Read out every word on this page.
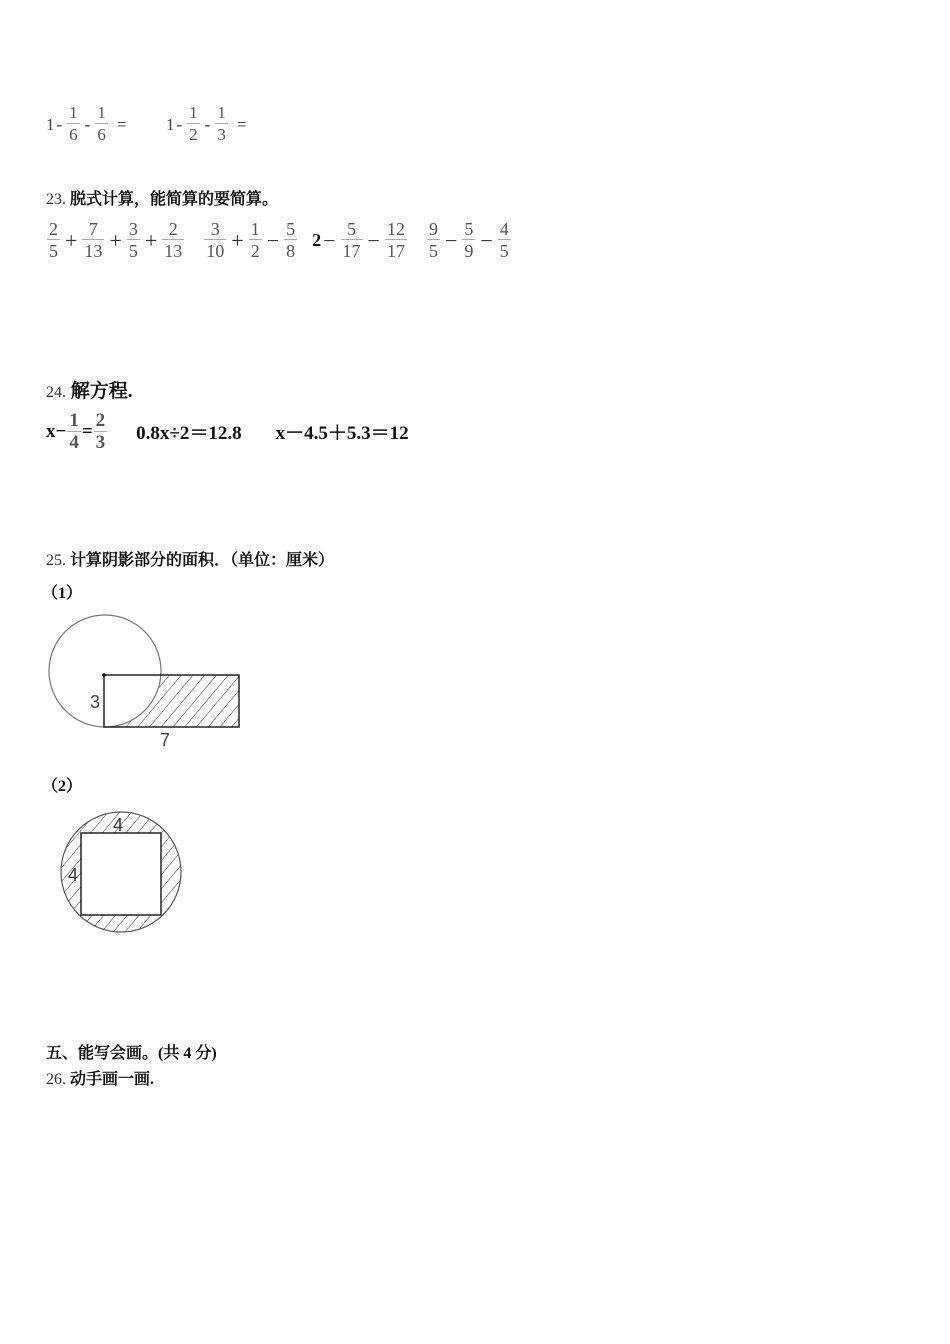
$1 - \frac{1}{6} - \frac{1}{6} = 1 - \frac{1}{2} - \frac{1}{3}$ =
23. 脱式计算，能简算的要简算。
$\frac{2}{5} + \frac{7}{13} + \frac{3}{5} + \frac{2}{13} \frac{3}{10} + \frac{1}{2} - \frac{5}{8} 2 - \frac{5}{17} - \frac{12}{17} \frac{9}{5} - \frac{5}{9} - \frac{4}{5}$
24. 解方程.
$x - \frac{1}{4} = \frac{2}{3} 0.8x\div 2=12.8$ x－4.5＋5.3＝12
25. 计算阴影部分的面积．（单位：厘米）
（1）
3
7
（2）
4
4
五、能写会画。(共 4 分)
26. 动手画一画.
